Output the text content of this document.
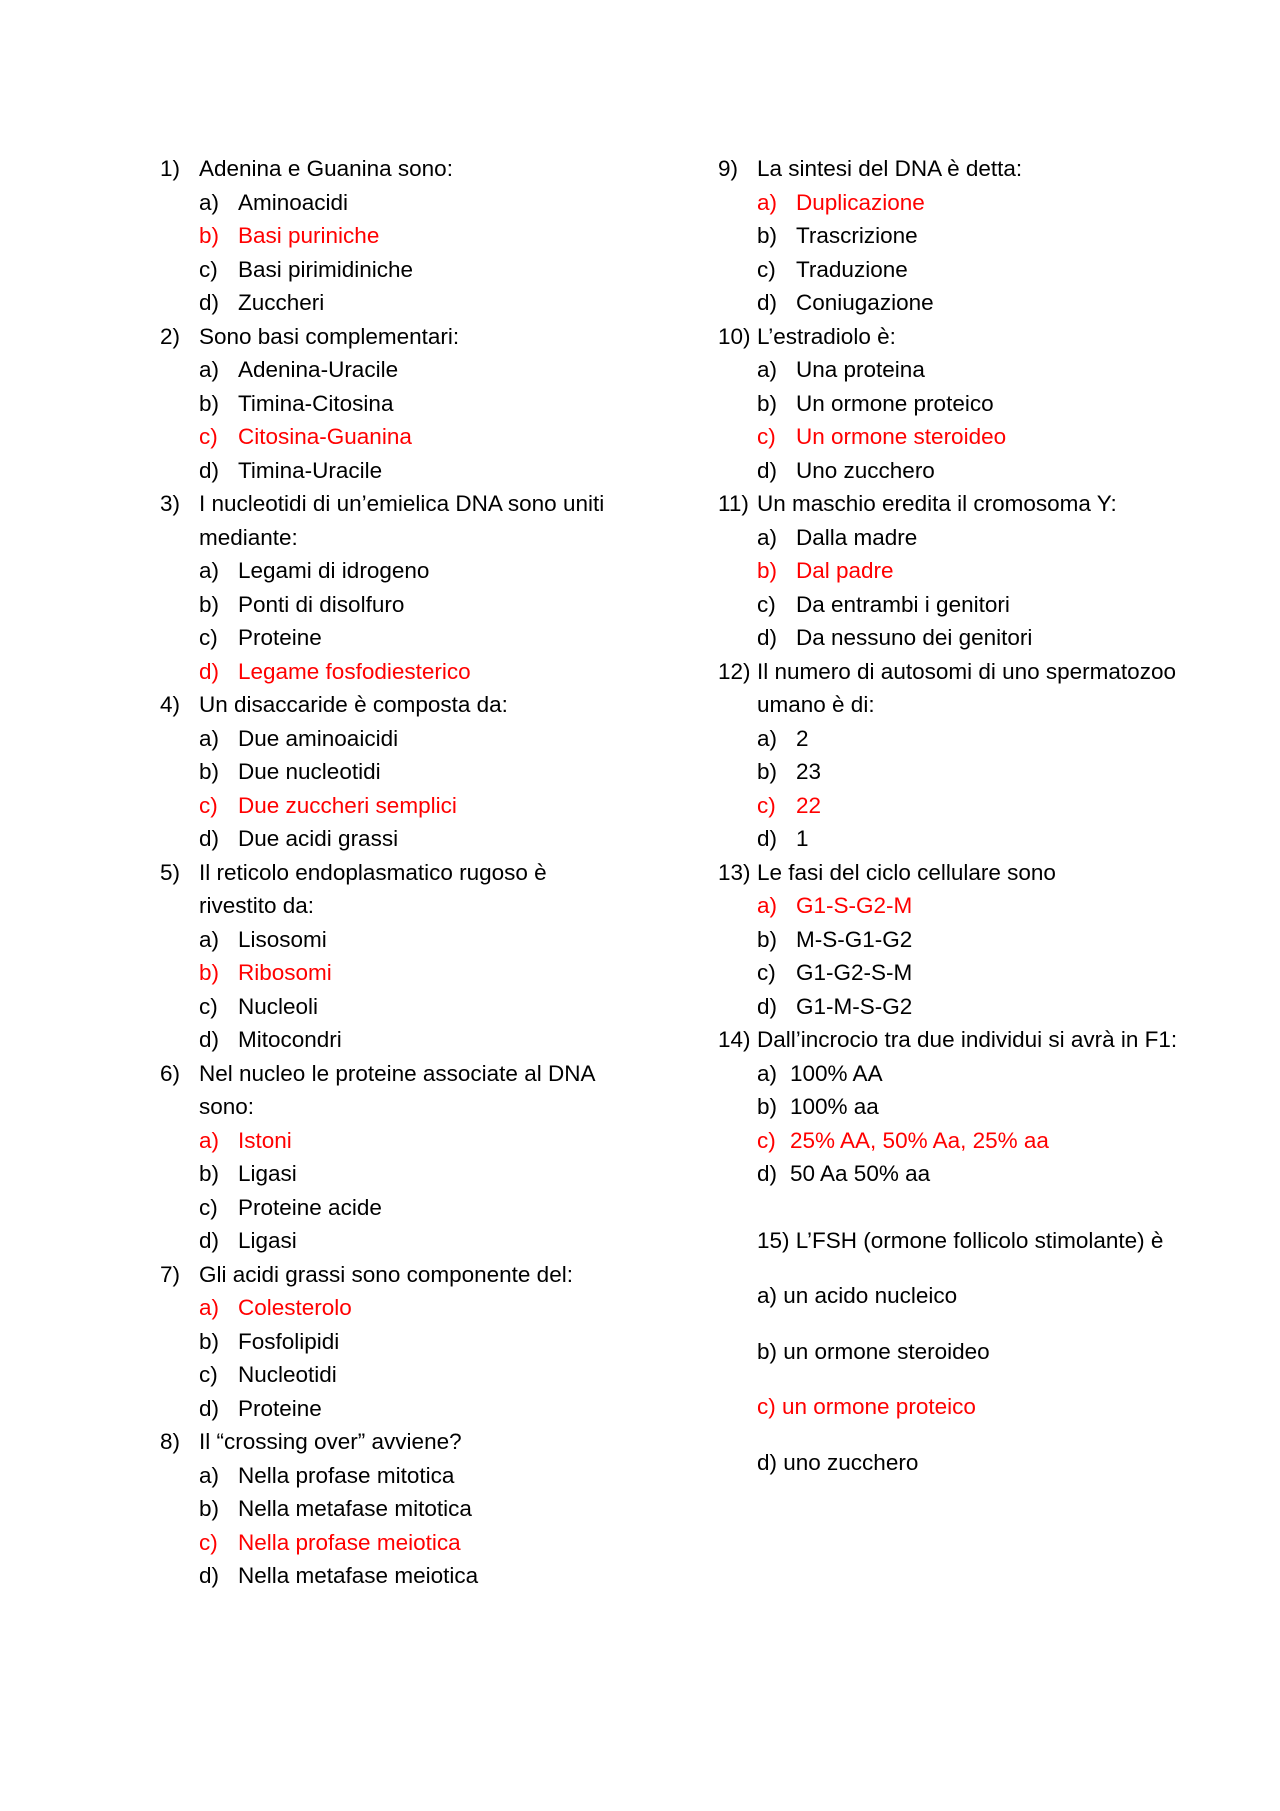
1) Adenina e Guanina sono:
a) Aminoacidi
b) Basi puriniche
c) Basi pirimidiniche
d) Zuccheri
2) Sono basi complementari:
a) Adenina-Uracile
b) Timina-Citosina
c) Citosina-Guanina
d) Timina-Uracile
3) I nucleotidi di un’emielica DNA sono uniti mediante:
a) Legami di idrogeno
b) Ponti di disolfuro
c) Proteine
d) Legame fosfodiesterico
4) Un disaccaride è composta da:
a) Due aminoaicidi
b) Due nucleotidi
c) Due zuccheri semplici
d) Due acidi grassi
5) Il reticolo endoplasmatico rugoso è rivestito da:
a) Lisosomi
b) Ribosomi
c) Nucleoli
d) Mitocondri
6) Nel nucleo le proteine associate al DNA sono:
a) Istoni
b) Ligasi
c) Proteine acide
d) Ligasi
7) Gli acidi grassi sono componente del:
a) Colesterolo
b) Fosfolipidi
c) Nucleotidi
d) Proteine
8) Il “crossing over” avviene?
a) Nella profase mitotica
b) Nella metafase mitotica
c) Nella profase meiotica
d) Nella metafase meiotica
9) La sintesi del DNA è detta:
a) Duplicazione
b) Trascrizione
c) Traduzione
d) Coniugazione
10) L’estradiolo è:
a) Una proteina
b) Un ormone proteico
c) Un ormone steroideo
d) Uno zucchero
11) Un maschio eredita il cromosoma Y:
a) Dalla madre
b) Dal padre
c) Da entrambi i genitori
d) Da nessuno dei genitori
12) Il numero di autosomi di uno spermatozoo umano è di:
a) 2
b) 23
c) 22
d) 1
13) Le fasi del ciclo cellulare sono
a) G1-S-G2-M
b) M-S-G1-G2
c) G1-G2-S-M
d) G1-M-S-G2
14) Dall’incrocio tra due individui si avrà in F1:
a) 100% AA
b) 100% aa
c) 25% AA, 50% Aa, 25% aa
d) 50 Aa 50% aa
15) L’FSH (ormone follicolo stimolante) è
a) un acido nucleico
b) un ormone steroideo
c) un ormone proteico
d) uno zucchero
